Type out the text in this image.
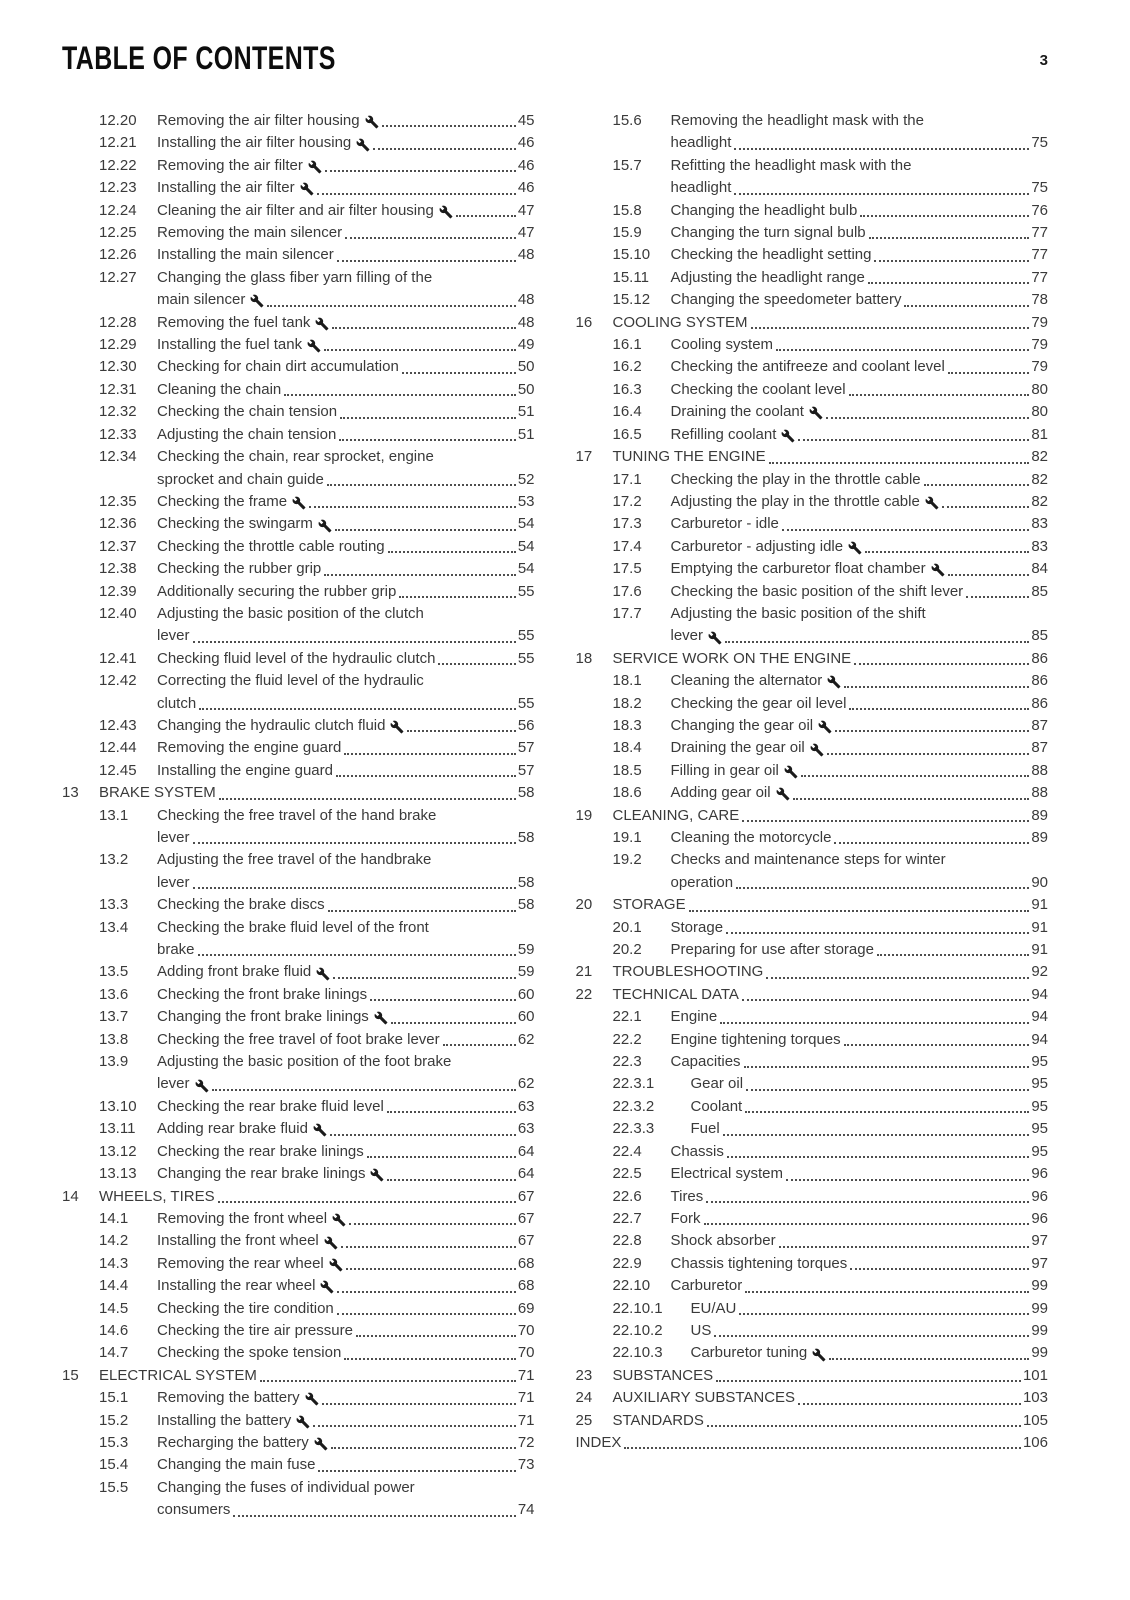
TABLE OF CONTENTS	3
12.20	Removing the air filter housing	45
12.21	Installing the air filter housing	46
12.22	Removing the air filter	46
12.23	Installing the air filter	46
12.24	Cleaning the air filter and air filter housing	47
12.25	Removing the main silencer	47
12.26	Installing the main silencer	48
12.27	Changing the glass fiber yarn filling of the
main silencer	48
12.28	Removing the fuel tank	48
12.29	Installing the fuel tank	49
12.30	Checking for chain dirt accumulation	50
12.31	Cleaning the chain	50
12.32	Checking the chain tension	51
12.33	Adjusting the chain tension	51
12.34	Checking the chain, rear sprocket, engine
sprocket and chain guide	52
12.35	Checking the frame	53
12.36	Checking the swingarm	54
12.37	Checking the throttle cable routing	54
12.38	Checking the rubber grip	54
12.39	Additionally securing the rubber grip	55
12.40	Adjusting the basic position of the clutch
lever	55
12.41	Checking fluid level of the hydraulic clutch	55
12.42	Correcting the fluid level of the hydraulic
clutch	55
12.43	Changing the hydraulic clutch fluid	56
12.44	Removing the engine guard	57
12.45	Installing the engine guard	57
13	BRAKE SYSTEM	58
13.1	Checking the free travel of the hand brake
lever	58
13.2	Adjusting the free travel of the handbrake
lever	58
13.3	Checking the brake discs	58
13.4	Checking the brake fluid level of the front
brake	59
13.5	Adding front brake fluid	59
13.6	Checking the front brake linings	60
13.7	Changing the front brake linings	60
13.8	Checking the free travel of foot brake lever	62
13.9	Adjusting the basic position of the foot brake
lever	62
13.10	Checking the rear brake fluid level	63
13.11	Adding rear brake fluid	63
13.12	Checking the rear brake linings	64
13.13	Changing the rear brake linings	64
14	WHEELS, TIRES	67
14.1	Removing the front wheel	67
14.2	Installing the front wheel	67
14.3	Removing the rear wheel	68
14.4	Installing the rear wheel	68
14.5	Checking the tire condition	69
14.6	Checking the tire air pressure	70
14.7	Checking the spoke tension	70
15	ELECTRICAL SYSTEM	71
15.1	Removing the battery	71
15.2	Installing the battery	71
15.3	Recharging the battery	72
15.4	Changing the main fuse	73
15.5	Changing the fuses of individual power
consumers	74
15.6	Removing the headlight mask with the
headlight	75
15.7	Refitting the headlight mask with the
headlight	75
15.8	Changing the headlight bulb	76
15.9	Changing the turn signal bulb	77
15.10	Checking the headlight setting	77
15.11	Adjusting the headlight range	77
15.12	Changing the speedometer battery	78
16	COOLING SYSTEM	79
16.1	Cooling system	79
16.2	Checking the antifreeze and coolant level	79
16.3	Checking the coolant level	80
16.4	Draining the coolant	80
16.5	Refilling coolant	81
17	TUNING THE ENGINE	82
17.1	Checking the play in the throttle cable	82
17.2	Adjusting the play in the throttle cable	82
17.3	Carburetor - idle	83
17.4	Carburetor - adjusting idle	83
17.5	Emptying the carburetor float chamber	84
17.6	Checking the basic position of the shift lever	85
17.7	Adjusting the basic position of the shift
lever	85
18	SERVICE WORK ON THE ENGINE	86
18.1	Cleaning the alternator	86
18.2	Checking the gear oil level	86
18.3	Changing the gear oil	87
18.4	Draining the gear oil	87
18.5	Filling in gear oil	88
18.6	Adding gear oil	88
19	CLEANING, CARE	89
19.1	Cleaning the motorcycle	89
19.2	Checks and maintenance steps for winter
operation	90
20	STORAGE	91
20.1	Storage	91
20.2	Preparing for use after storage	91
21	TROUBLESHOOTING	92
22	TECHNICAL DATA	94
22.1	Engine	94
22.2	Engine tightening torques	94
22.3	Capacities	95
22.3.1	Gear oil	95
22.3.2	Coolant	95
22.3.3	Fuel	95
22.4	Chassis	95
22.5	Electrical system	96
22.6	Tires	96
22.7	Fork	96
22.8	Shock absorber	97
22.9	Chassis tightening torques	97
22.10	Carburetor	99
22.10.1	EU/AU	99
22.10.2	US	99
22.10.3	Carburetor tuning	99
23	SUBSTANCES	101
24	AUXILIARY SUBSTANCES	103
25	STANDARDS	105
INDEX	106
